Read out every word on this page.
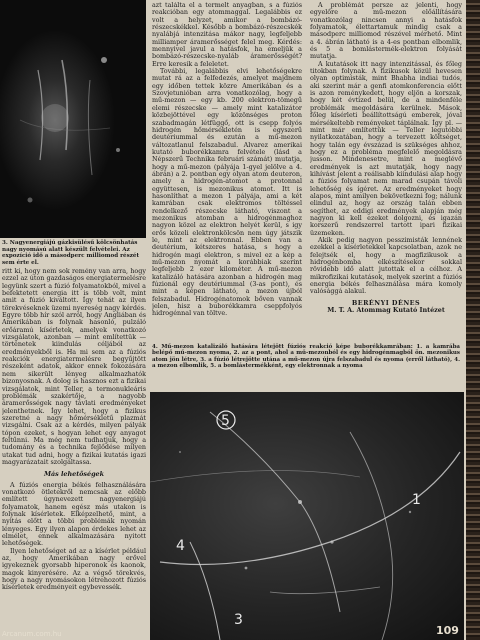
3. Nagyenergiájú gázkisülésű kölcsönhatás nagy nyomású alatt készült felvételei. Az expozíció idő a másodperc milliomod részét sem érte el.

ritt ki, hogy nem sok remény van arra, hogy ezzel az úton gazdaságos energiatermelésre legyünk szert a fúzió folyamatokból, mivel a befektetett energia itt is több volt, mint amit a fúzió kiváltott. Így tehát az ilyen törekvéseknek üzemi nyereség nagy kérdés. Egyre több hír szól arról, hogy Angliában és Amerikában is folynak hasonló, pulzáló erőáramú kísérletek, amelyek vonatkozó vizsgálatok, azonban — mint említettük — történetek kiindulás céljából az eredményekből is. Ha mi sem az a fúziós reakciók energiatermelésre begyűjtött részeként adatok, akkor ennek fokozására nem sikerült lényeg alkalmazhatók bizonyosnak. A dolog is hasznos ezt a fizikai vizsgálatok, mint Teller, a termonukleáris problémák szakértője, a nagyobb áramerősségek nagy távlati eredményeket jelenthetnek. Így lehet, hogy a fizikus szeretné a nagy hőmérsékletű plazmát vizsgálni. Csak az a kérdés, milyen pályák tópon ezeket, s hogyan lehet egy anyagot feltűnni. Ma még nem tudhatjuk, hogy a tudomány és a technika fejlődése milyen utakat tud adni, hogy a fizikai kutatás igazi magyarázatait szolgáltassa.

Más lehetőségek

A fúziós energia békés felhasználására vonatkozó ötletekről nemcsak az előbb említett úgynevezett nagyenergiájú folyamatok, hanem egész más utakon is folynak kísérletek. Elképzelhető, mint, a nyitás előtt a többi problémák nyomán lényeges. Egy ilyen alapon érdekes lehet az elmélet, ennek alkalmazására nyitott lehetőségek.

Ilyen lehetőséget ad az a kísérlet például az, hogy Amerikában nagy erővel igyekeznek gyorsabb hiperonok és kaonok, magok kinyerésére. Az a végső törekvés, hogy a nagy nyomásokon létrehozott fúziós kísérletek eredményeit egybevessék.

azt találta el a termelt anyagban, s a fúziós reakcióban egy atommaggal. Legalábbis ez volt a helyzet, amikor a bombázó-részecskékkel. Később a bombázó-részecskék nyalábjá intenzitása mákor nagy, legfeljebb milliamper áramerősséget felel meg. Kérdés: mennyivel javul a hatásfok, ha emeljük a bombázó-részecske-nyaláb áramerősségét? Erre keresik a feleletet.

További, legalábbis elvi lehetőségekre mutat rá az a felfedezés, amelyet majdnem egy időben tettek közre Amerikában és a Szovjetunióban arra vonatkozólag, hogy a mű-mezon — egy kb. 200 elektron-tömegű elemi részecske — amely mint katalizátor közbejöttével egy közönséges proton szabadmagán létfüggő, ott is csepp folyós hidrogén hőmérsékletén is egyszerű deutériummal és ezután a mű-mezon változatlanul felszabadul. Alvarez amerikai kutató buborékkamra felvétele (lásd a Népszerű Technika februári számát) mutatja, hogy a mű-mezon (pályája 1-gyel jelölve a 4. ábrán) a 2. pontban egy olyan atom deuteron, amely a hidrogén-atomot a protonnal együttesen, is mezonikus atomot. Itt is hasonlíthat a mezon 1 pályája, ami a két kamrában csak elektromos töltéssel rendelkező részecske látható, viszont a mezonikus atomban a hidrogénmaghoz nagyon közel az elektron helyét kerül, s igy erős közeli elektronkölcsön nem úgy játszik le, mint az elektronnal. Ebben van a deutérium, kétszeres hatása, s hogy a hidrogén magi elektron, s mivel ez a kép a mű-mezon nyomát a korábbiak szerint legfeljebb 2 ezer kilométer. A mű-mezon katalizáló hatására azonban a hidrogén mag fúzionál egy deutériummal (3-as pont), és mint a képen látható, a mezon újból felszabadul. Hidrogénatomok bőven vannak jelen, hisz a buborékkamra cseppfolyós hidrogénnal van töltve.

A problémát persze az jelenti, hogy egyelőre a mű-mezon előállítására vonatkozólag nincsen annyi a hatásfok folyamatok, élettartamuk mindig csak a másodperc milliomod részével mérhető. Mint a 4. ábrán látható is a 4-es pontban elbomlik, és 5 a bomlástermék-elektron folyását mutatja.

A kutatások itt nagy intenzitással, és főleg titokban folynak. A fizikusok közül hevesen olyan optimisták, mint Bhabha indiai tudós, aki szerint már a genfi atomkonferencia előtt is azon reménykedett, hogy eljön a korszak, hogy két évtized belül, de a mindenféle problémák megoldására kerülnek. Mások, főleg kísérleti beállítottságú emberek, jóval mérsékeltebb reményeket táplálnak. Így pl. — mint már említettük — Teller legutóbbi nyilatkozatában, hogy a tervezett költséget, hogy talán egy évszázad is szükséges ahhoz, hogy ez a probléma megfelelő megoldásra jusson. Mindenesetre, mint a meglévő eredmények is azt mutatják, hogy nagy kihívást jelent a reálisabb kiindulási alap hogy a fúziós folyamat nem marad csupán távoli lehetőség és ígéret. Az eredményeket hogy alapos, mint amilyen bekövetkezni fog; nálunk elindul az, hogy az ország talán ebben segíthet, az eddigi eredmények alapján még nagyon ki kell ezeket dolgozni, és igazán korszerű rendszerrel tartott ipari fizikai üzemeken.

Akik pedig nagyon pesszimisták lennének ezekkel a kísérletekkel kapcsolatban, azok ne felejtsék el, hogy a magfizikusok a hidrogénbomba elkészítésekor sokkal rövidebb idő alatt jutottak el a célhoz. A mikrofizikai kutatások, melyek szerint a fúziós energia békés felhasználása mára komoly valósággá alakul.

BERÉNYI DÉNES

M. T. A. Atommag Kutató Intézet

4. Mű-mezon katalizáló hatására létejött fúziós reakció képe buborékkamrában: 1. a kamrába belépő mű-mezon nyoma, 2. az a pont, ahol a mű-mezonból és egy hidrogénmagból ön. mezonikus atom jön létre, 3. a fúzió létrejötte utána a mű-mezon újra felszabadul és nyoma (erről látható), 4. a mezon elbomlik, 5. a bomlástermékként, egy elektronnak a nyoma
5
1
4
3
Arcanum.com.hu	109
